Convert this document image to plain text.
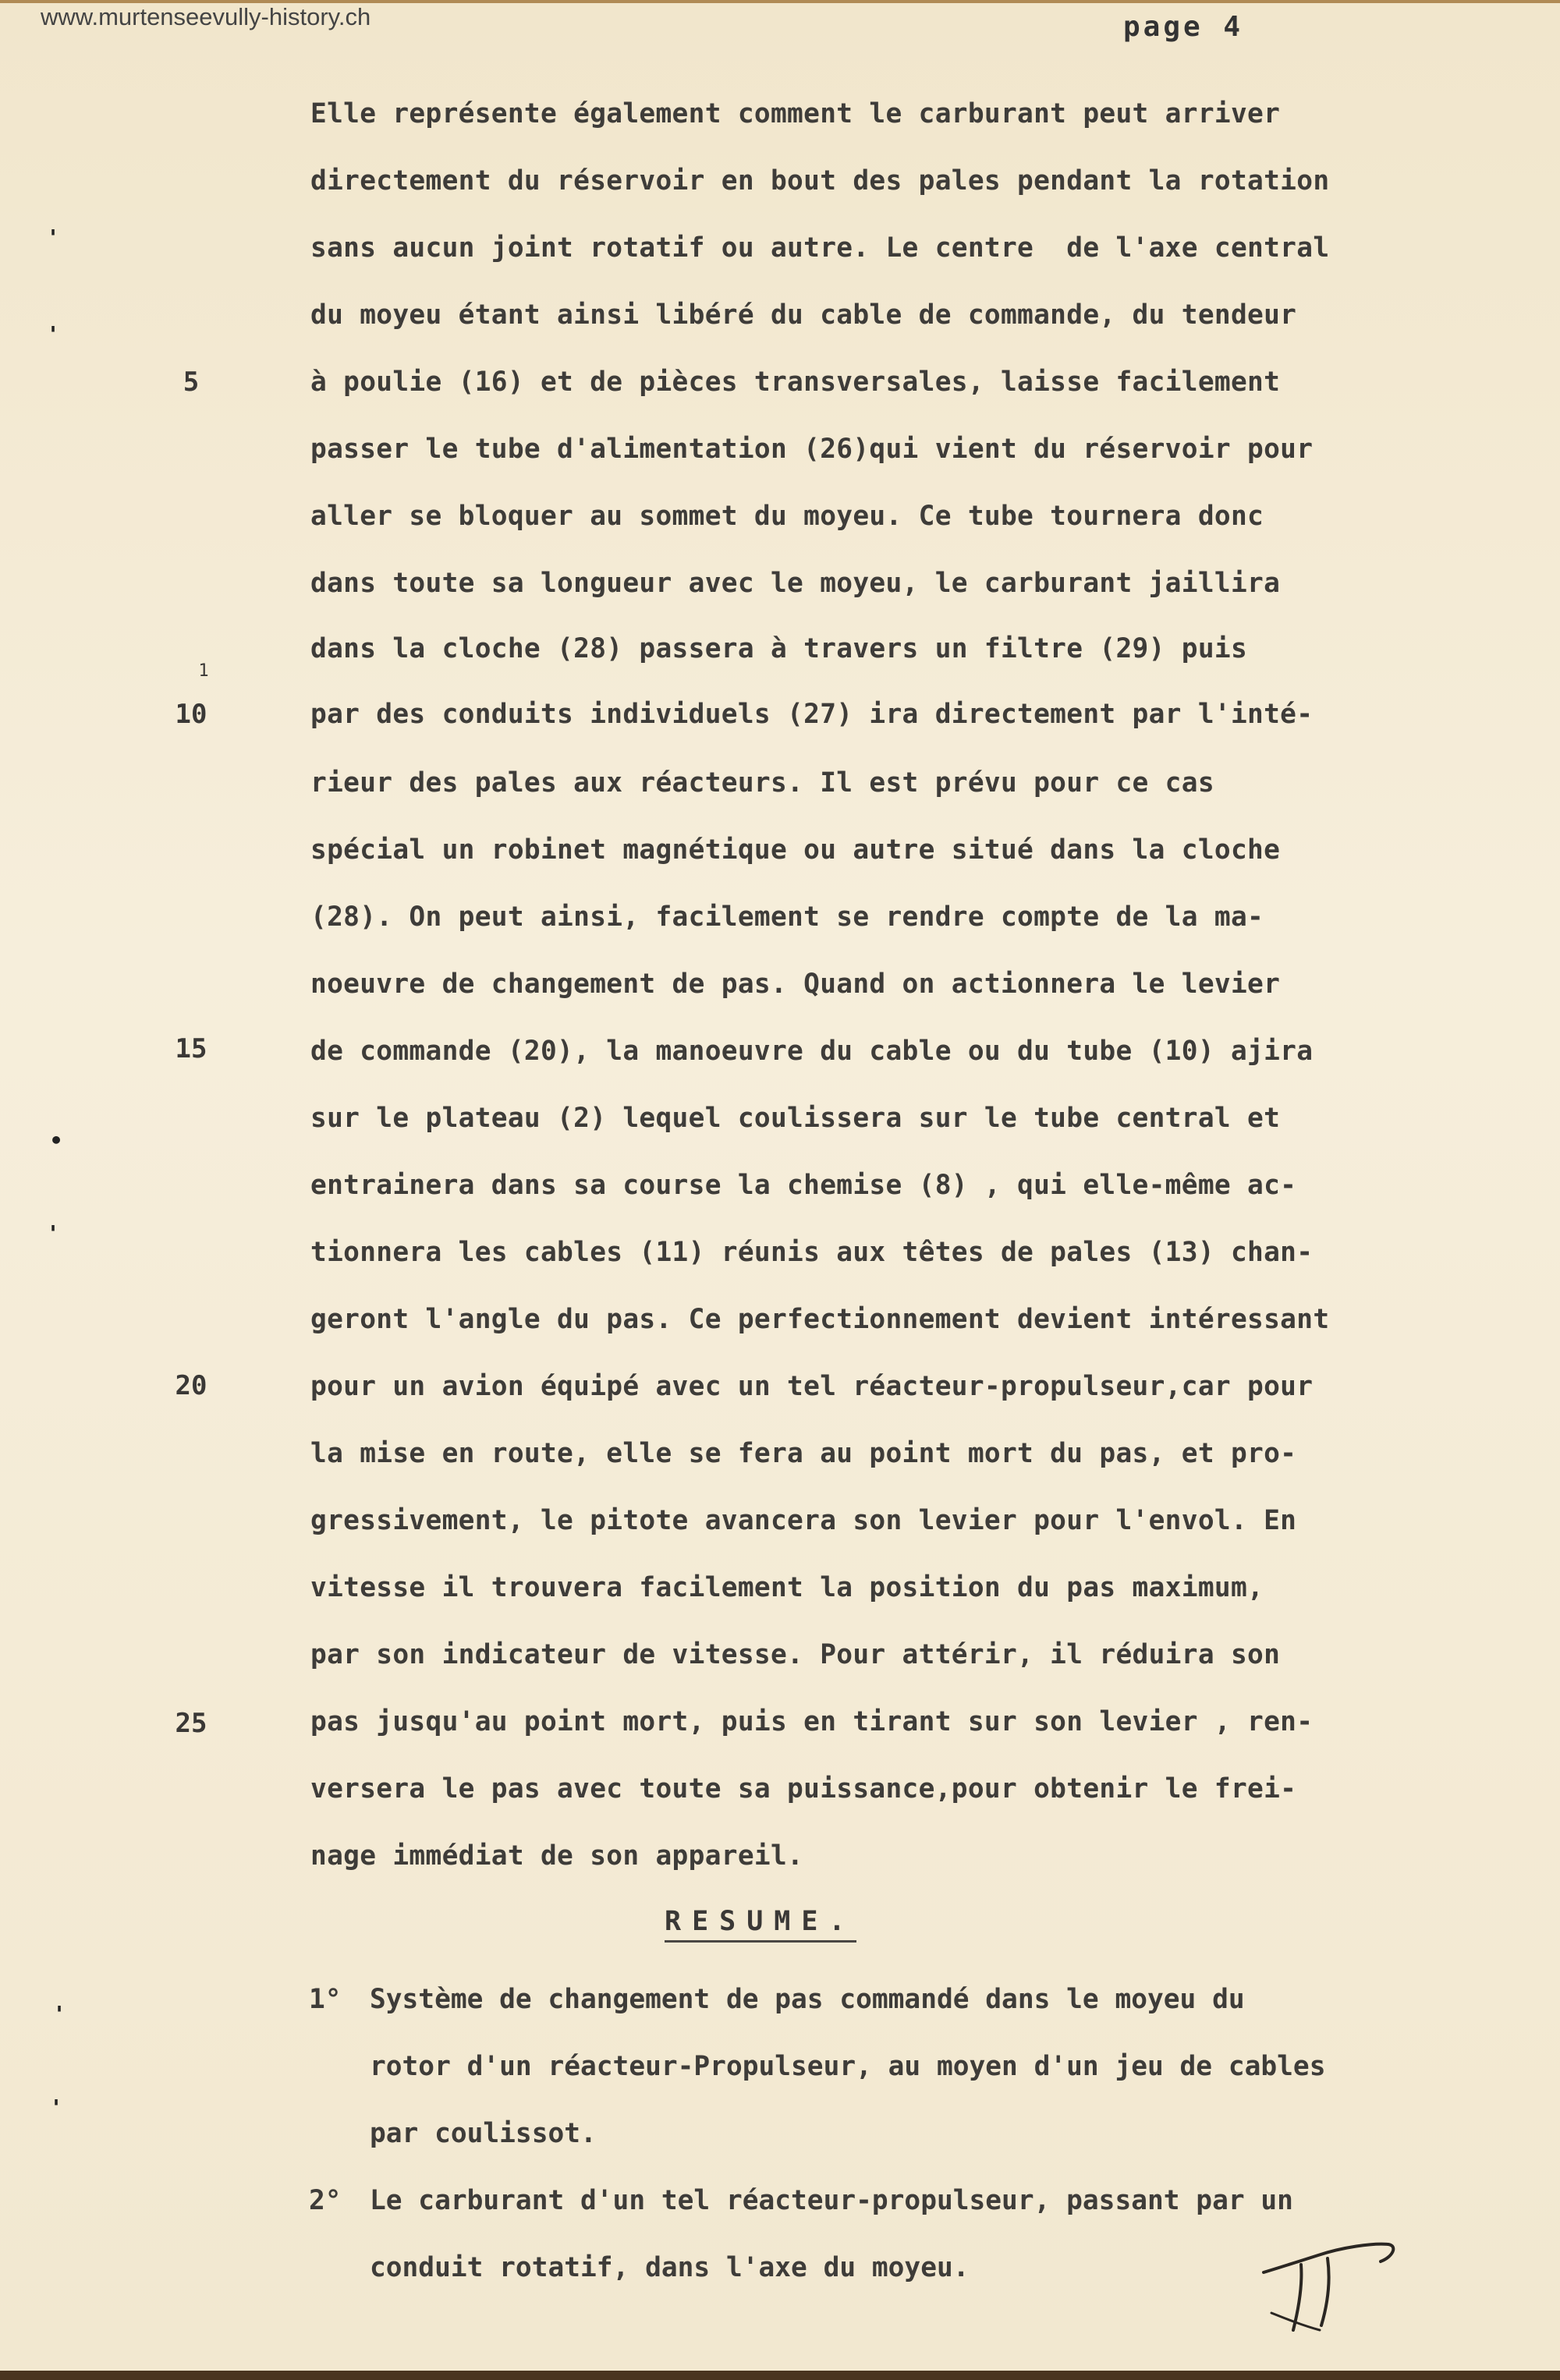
www.murtenseevully-history.ch	page 4
5
1
10
15
20
25
'
'
•
'
'
'
Elle représente également comment le carburant peut arriver
directement du réservoir en bout des pales pendant la rotation
sans aucun joint rotatif ou autre. Le centre  de l'axe central
du moyeu étant ainsi libéré du cable de commande, du tendeur
à poulie (16) et de pièces transversales, laisse facilement
passer le tube d'alimentation (26)qui vient du réservoir pour
aller se bloquer au sommet du moyeu. Ce tube tournera donc
dans toute sa longueur avec le moyeu, le carburant jaillira
dans la cloche (28) passera à travers un filtre (29) puis
par des conduits individuels (27) ira directement par l'inté-
rieur des pales aux réacteurs. Il est prévu pour ce cas
spécial un robinet magnétique ou autre situé dans la cloche
(28). On peut ainsi, facilement se rendre compte de la ma-
noeuvre de changement de pas. Quand on actionnera le levier
de commande (20), la manoeuvre du cable ou du tube (10) ajira
sur le plateau (2) lequel coulissera sur le tube central et
entrainera dans sa course la chemise (8) , qui elle-même ac-
tionnera les cables (11) réunis aux têtes de pales (13) chan-
geront l'angle du pas. Ce perfectionnement devient intéressant
pour un avion équipé avec un tel réacteur-propulseur,car pour
la mise en route, elle se fera au point mort du pas, et pro-
gressivement, le pitote avancera son levier pour l'envol. En
vitesse il trouvera facilement la position du pas maximum,
par son indicateur de vitesse. Pour attérir, il réduira son
pas jusqu'au point mort, puis en tirant sur son levier , ren-
versera le pas avec toute sa puissance,pour obtenir le frei-
nage immédiat de son appareil.
RESUME.
1° Système de changement de pas commandé dans le moyeu du
rotor d'un réacteur-Propulseur, au moyen d'un jeu de cables
par coulissot.
2° Le carburant d'un tel réacteur-propulseur, passant par un
conduit rotatif, dans l'axe du moyeu.
